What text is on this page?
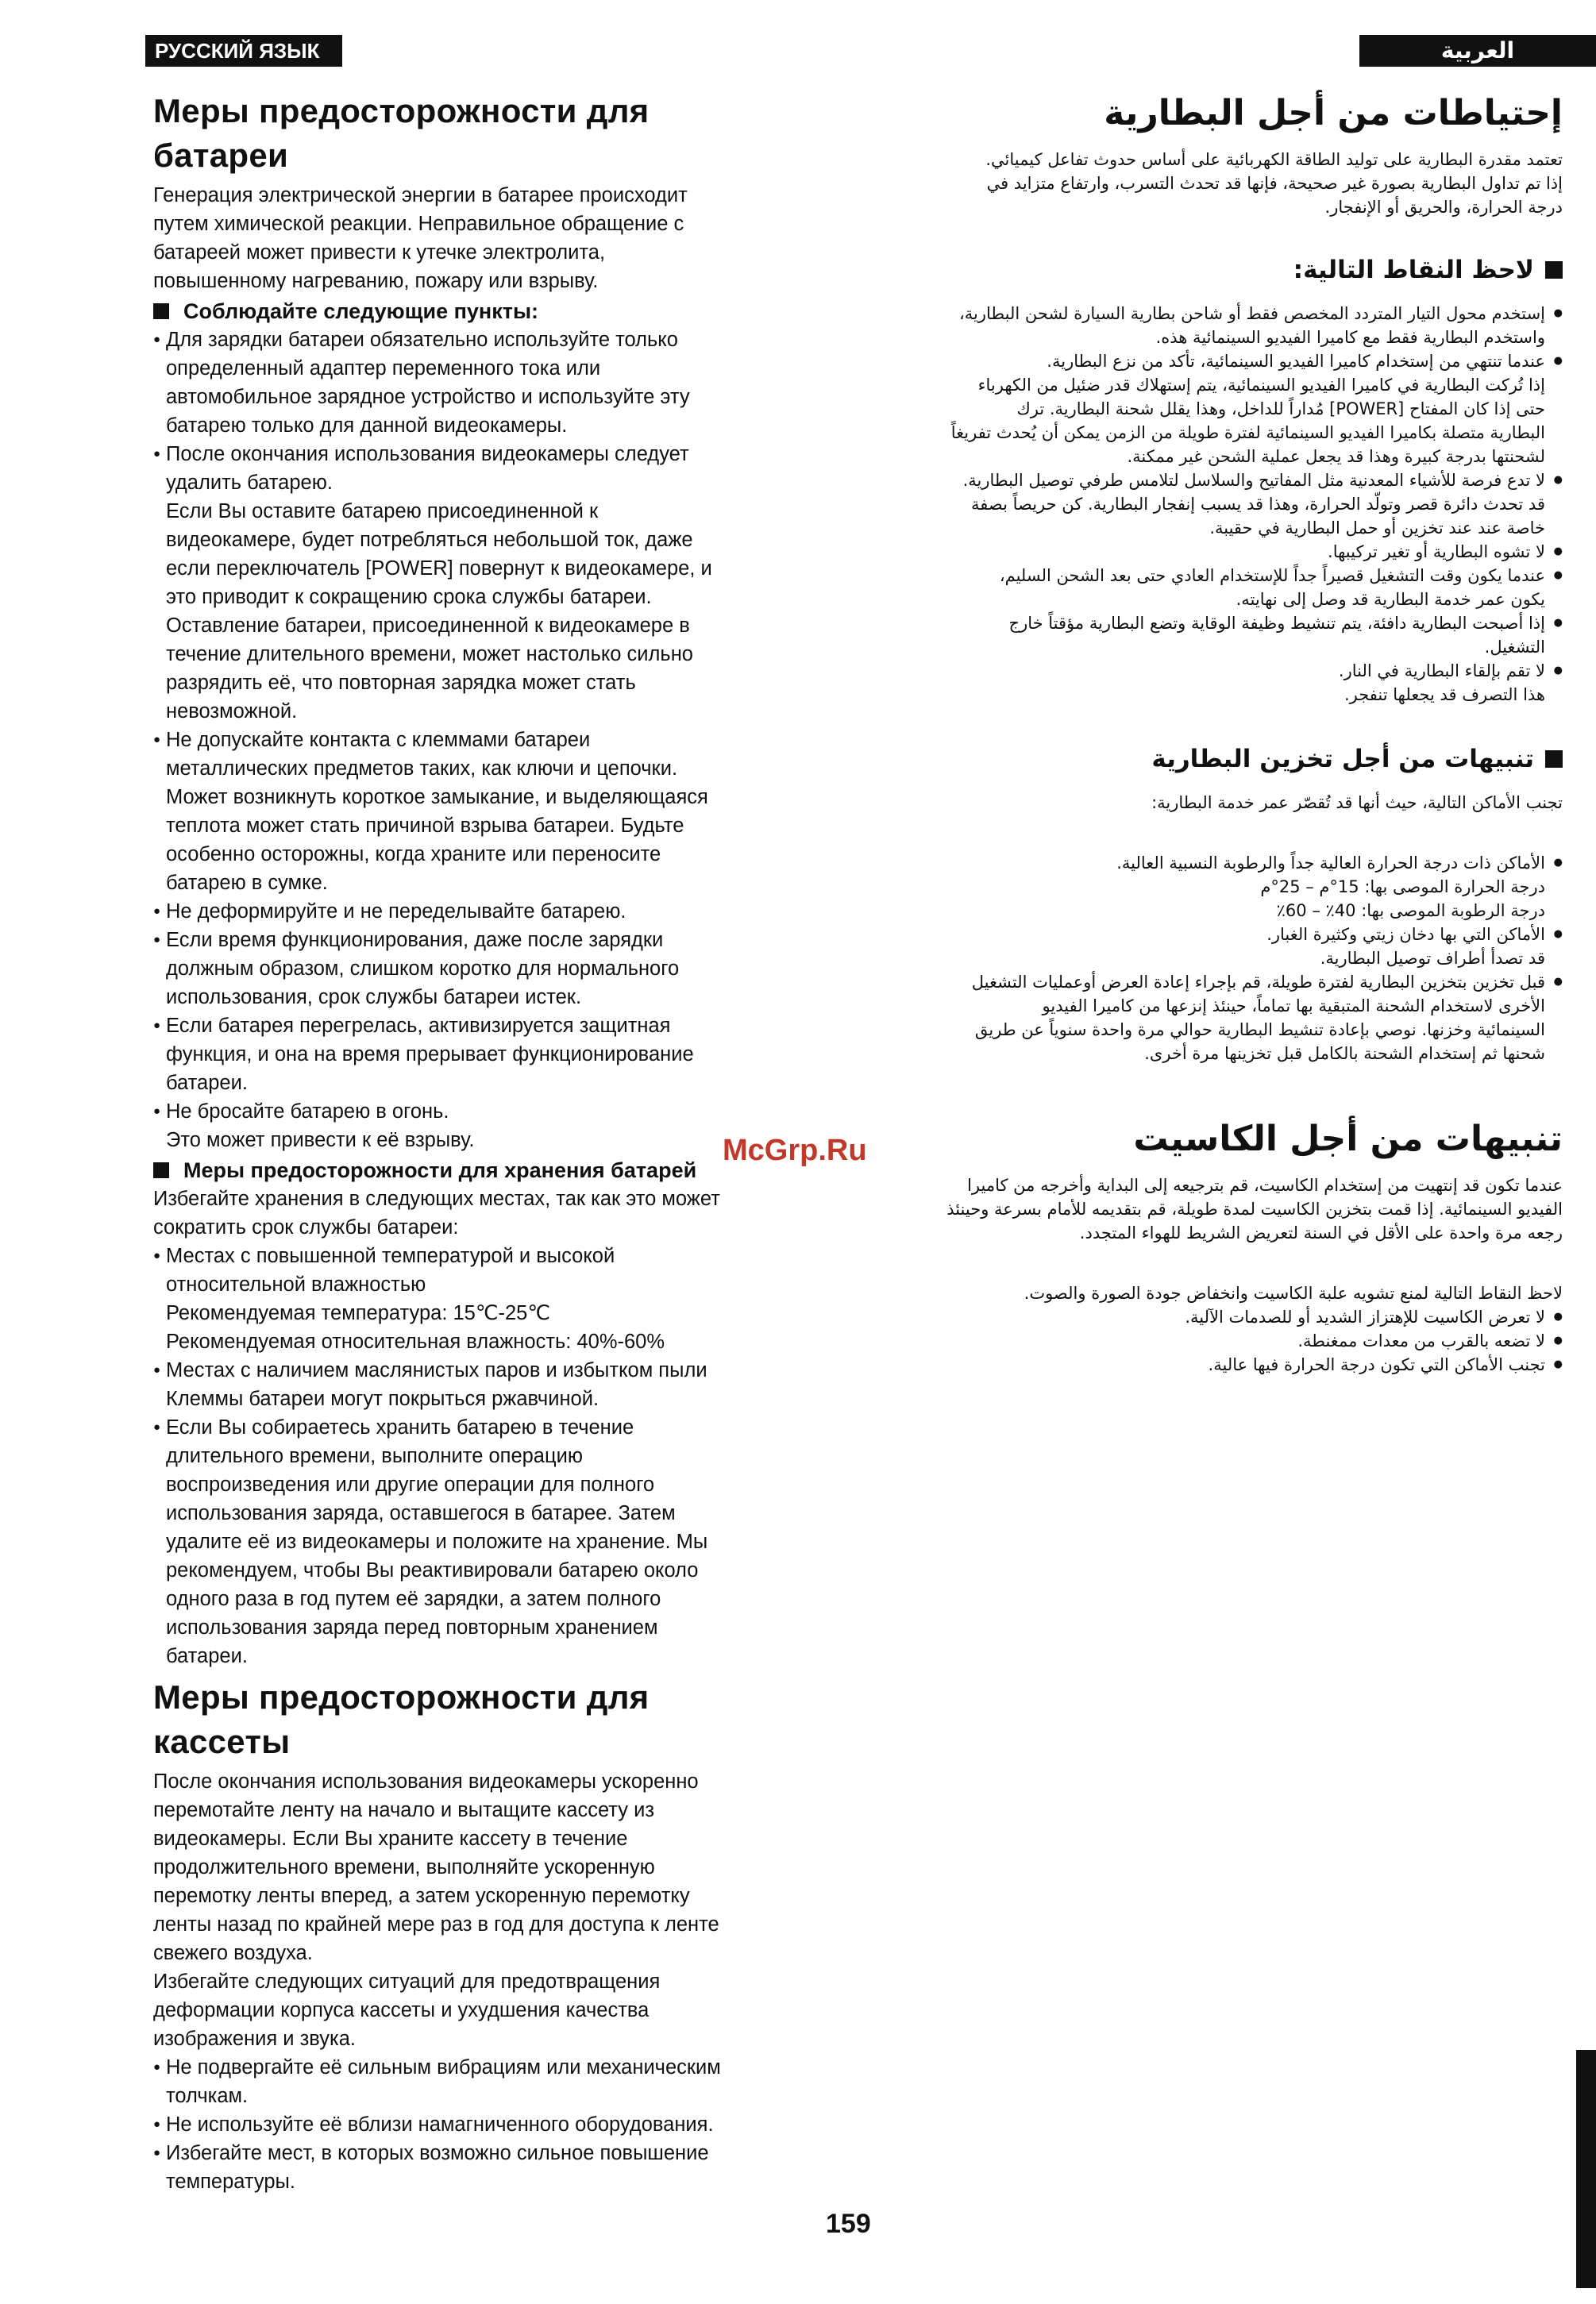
РУССКИЙ ЯЗЫК	العربية
Меры предосторожности для
батареи

Генерация электрической энергии в батарее происходит
путем химической реакции. Неправильное обращение с
батареей может привести к утечке электролита,
повышенному нагреванию, пожару или взрыву.

Соблюдайте следующие пункты:
● Для зарядки батареи обязательно используйте только
определенный адаптер переменного тока или
автомобильное зарядное устройство и используйте эту
батарею только для данной видеокамеры.

● После окончания использования видеокамеры следует
удалить батарею.
Если Вы оставите батарею присоединенной к
видеокамере, будет потребляться небольшой ток, даже
если переключатель [POWER] повернут к видеокамере, и
это приводит к сокращению срока службы батареи.
Оставление батареи, присоединенной к видеокамере в
течение длительного времени, может настолько сильно
разрядить её, что повторная зарядка может стать
невозможной.

● Не допускайте контакта с клеммами батареи
металлических предметов таких, как ключи и цепочки.
Может возникнуть короткое замыкание, и выделяющаяся
теплота может стать причиной взрыва батареи. Будьте
особенно осторожны, когда храните или переносите
батарею в сумке.

● Не деформируйте и не переделывайте батарею.

● Если время функционирования, даже после зарядки
должным образом, слишком коротко для нормального
использования, срок службы батареи истек.

● Если батарея перегрелась, активизируется защитная
функция, и она на время прерывает функционирование
батареи.

● Не бросайте батарею в огонь.
Это может привести к её взрыву.

Меры предосторожности для хранения батарей

Избегайте хранения в следующих местах, так как это может
сократить срок службы батареи:

● Местах с повышенной температурой и высокой
относительной влажностью
Рекомендуемая температура: 15℃-25℃
Рекомендуемая относительная влажность: 40%-60%

● Местах с наличием маслянистых паров и избытком пыли
Клеммы батареи могут покрыться ржавчиной.

● Если Вы собираетесь хранить батарею в течение
длительного времени, выполните операцию
воспроизведения или другие операции для полного
использования заряда, оставшегося в батарее. Затем
удалите её из видеокамеры и положите на хранение. Мы
рекомендуем, чтобы Вы реактивировали батарею около
одного раза в год путем её зарядки, а затем полного
использования заряда перед повторным хранением
батареи.

Меры предосторожности для
кассеты

После окончания использования видеокамеры ускоренно
перемотайте ленту на начало и вытащите кассету из
видеокамеры. Если Вы храните кассету в течение
продолжительного времени, выполняйте ускоренную
перемотку ленты вперед, а затем ускоренную перемотку
ленты назад по крайней мере раз в год для доступа к ленте
свежего воздуха.
Избегайте следующих ситуаций для предотвращения
деформации корпуса кассеты и ухудшения качества
изображения и звука.

● Не подвергайте её сильным вибрациям или механическим
толчкам.

● Не используйте её вблизи намагниченного оборудования.

● Избегайте мест, в которых возможно сильное повышение
температуры.

إحتياطات من أجل البطارية

تعتمد مقدرة البطارية على توليد الطاقة الكهربائية على أساس حدوث تفاعل كيميائي.
إذا تم تداول البطارية بصورة غير صحيحة، فإنها قد تحدث التسرب، وارتفاع متزايد في
درجة الحرارة، والحريق أو الإنفجار.

لاحظ النقاط التالية:
● إستخدم محول التيار المتردد المخصص فقط أو شاحن بطارية السيارة لشحن البطارية،
واستخدم البطارية فقط مع كاميرا الفيديو السينمائية هذه.

● عندما تنتهي من إستخدام كاميرا الفيديو السينمائية، تأكد من نزع البطارية.
إذا تُركت البطارية في كاميرا الفيديو السينمائية، يتم إستهلاك قدر ضئيل من الكهرباء
حتى إذا كان المفتاح [POWER] مُداراً للداخل، وهذا يقلل شحنة البطارية. ترك
البطارية متصلة بكاميرا الفيديو السينمائية لفترة طويلة من الزمن يمكن أن يُحدث تفريغاً
لشحنتها بدرجة كبيرة وهذا قد يجعل عملية الشحن غير ممكنة.

● لا تدع فرصة للأشياء المعدنية مثل المفاتيح والسلاسل لتلامس طرفي توصيل البطارية.
قد تحدث دائرة قصر وتولّد الحرارة، وهذا قد يسبب إنفجار البطارية. كن حريصاً بصفة
خاصة عند عند تخزين أو حمل البطارية في حقيبة.

● لا تشوه البطارية أو تغير تركيبها.

● عندما يكون وقت التشغيل قصيراً جداً للإستخدام العادي حتى بعد الشحن السليم،
يكون عمر خدمة البطارية قد وصل إلى نهايته.

● إذا أصبحت البطارية دافئة، يتم تنشيط وظيفة الوقاية وتضع البطارية مؤقتاً خارج
التشغيل.

● لا تقم بإلقاء البطارية في النار.
هذا التصرف قد يجعلها تنفجر.

تنبيهات من أجل تخزين البطارية

تجنب الأماكن التالية، حيث أنها قد تُقصّر عمر خدمة البطارية:

● الأماكن ذات درجة الحرارة العالية جداً والرطوبة النسبية العالية.
درجة الحرارة الموصى بها: 15°م – 25°م
درجة الرطوبة الموصى بها: 40٪ – 60٪

● الأماكن التي بها دخان زيتي وكثيرة الغبار.
قد تصدأ أطراف توصيل البطارية.

● قبل تخزين بتخزين البطارية لفترة طويلة، قم بإجراء إعادة العرض أوعمليات التشغيل
الأخرى لاستخدام الشحنة المتبقية بها تماماً، حينئذ إنزعها من كاميرا الفيديو
السينمائية وخزنها. نوصي بإعادة تنشيط البطارية حوالي مرة واحدة سنوياً عن طريق
شحنها ثم إستخدام الشحنة بالكامل قبل تخزينها مرة أخرى.

تنبيهات من أجل الكاسيت

عندما تكون قد إنتهيت من إستخدام الكاسيت، قم بترجيعه إلى البداية وأخرجه من كاميرا
الفيديو السينمائية. إذا قمت بتخزين الكاسيت لمدة طويلة، قم بتقديمه للأمام بسرعة وحينئذ
رجعه مرة واحدة على الأقل في السنة لتعريض الشريط للهواء المتجدد.

لاحظ النقاط التالية لمنع تشويه علبة الكاسيت وانخفاض جودة الصورة والصوت.

● لا تعرض الكاسيت للإهتزاز الشديد أو للصدمات الآلية.

● لا تضعه بالقرب من معدات ممغنطة.

● تجنب الأماكن التي تكون درجة الحرارة فيها عالية.

McGrp.Ru
159
